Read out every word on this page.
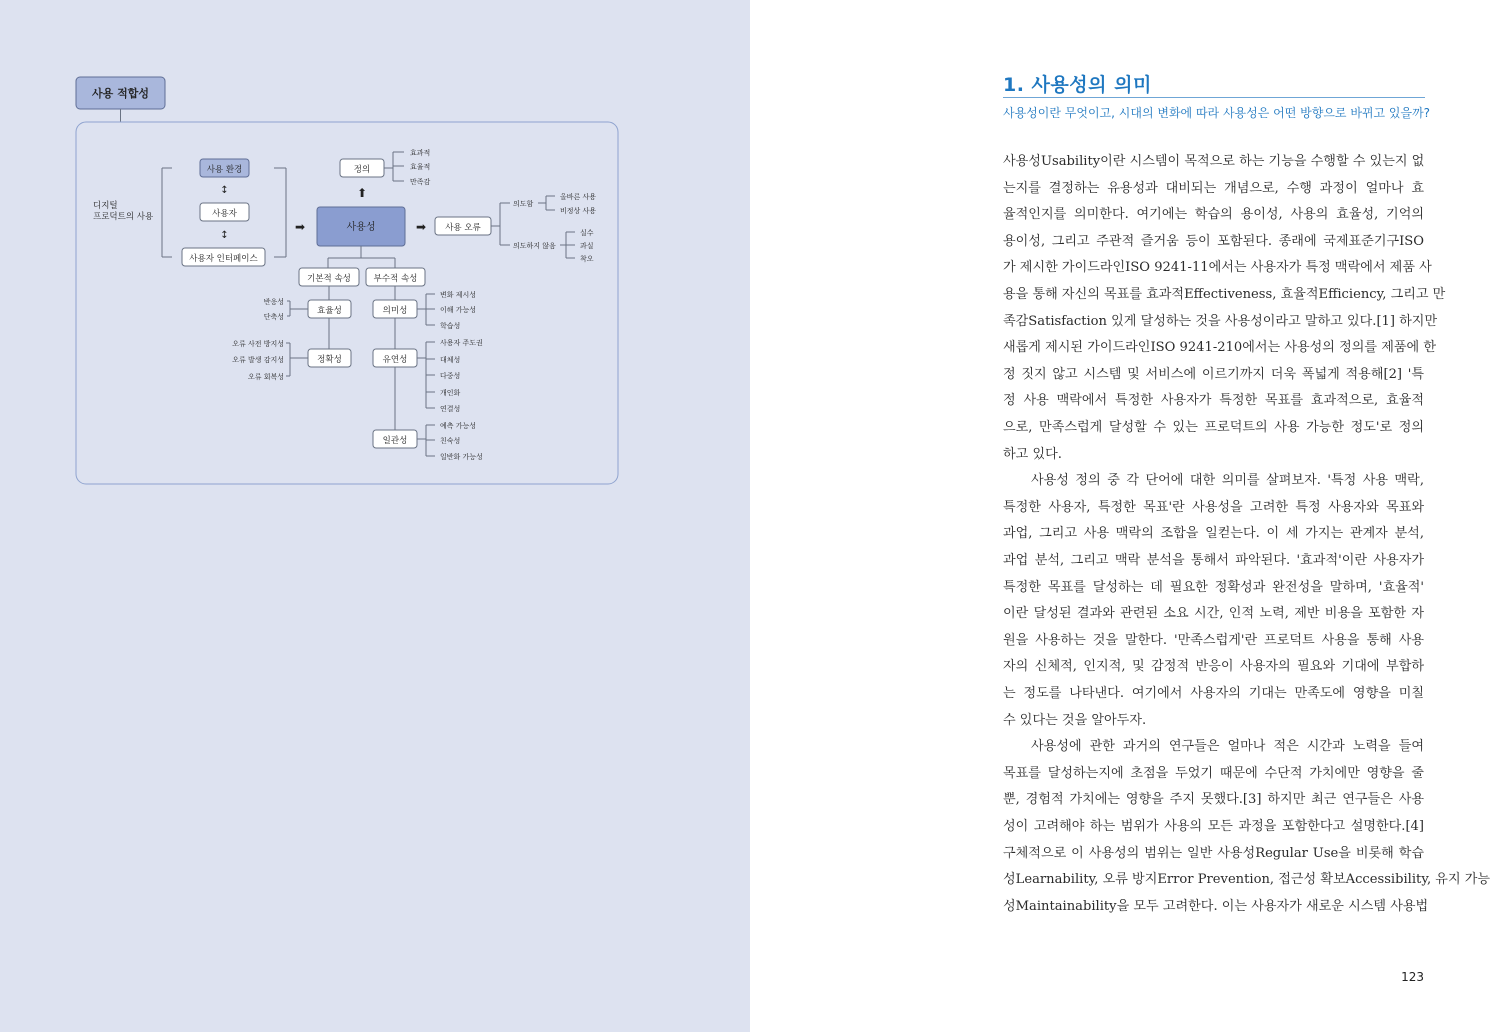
사용 적합성
디지털
프로덕트의 사용
사용 환경
↕
사용자
↕
사용자 인터페이스
➡	사용성
⬆
정의
효과적
효율적
만족감
➡ 사용 오류
의도함
의도하지 않음
올바른 사용
비정상 사용
실수
과실
착오
기본적 속성	부수적 속성
효율성
정확성
반응성
단축성
오류 사전 방지성
오류 발생 감지성
오류 회복성
의미성
유연성
일관성
변화 제시성
이해 가능성
학습성
사용자 주도권
대체성
다중성
개인화
연결성
예측 가능성
친숙성
일반화 가능성
1. 사용성의 의미
사용성이란 무엇이고, 시대의 변화에 따라 사용성은 어떤 방향으로 바뀌고 있을까?
사용성Usability이란 시스템이 목적으로 하는 기능을 수행할 수 있는지 없
는지를 결정하는 유용성과 대비되는 개념으로, 수행 과정이 얼마나 효
율적인지를 의미한다. 여기에는 학습의 용이성, 사용의 효율성, 기억의
용이성, 그리고 주관적 즐거움 등이 포함된다. 종래에 국제표준기구ISO
가 제시한 가이드라인ISO 9241-11에서는 사용자가 특정 맥락에서 제품 사
용을 통해 자신의 목표를 효과적Effectiveness, 효율적Efficiency, 그리고 만
족감Satisfaction 있게 달성하는 것을 사용성이라고 말하고 있다.[1] 하지만
새롭게 제시된 가이드라인ISO 9241-210에서는 사용성의 정의를 제품에 한
정 짓지 않고 시스템 및 서비스에 이르기까지 더욱 폭넓게 적용해[2] '특
정 사용 맥락에서 특정한 사용자가 특정한 목표를 효과적으로, 효율적
으로, 만족스럽게 달성할 수 있는 프로덕트의 사용 가능한 정도'로 정의
하고 있다.
사용성 정의 중 각 단어에 대한 의미를 살펴보자. '특정 사용 맥락,
특정한 사용자, 특정한 목표'란 사용성을 고려한 특정 사용자와 목표와
과업, 그리고 사용 맥락의 조합을 일컫는다. 이 세 가지는 관계자 분석,
과업 분석, 그리고 맥락 분석을 통해서 파악된다. '효과적'이란 사용자가
특정한 목표를 달성하는 데 필요한 정확성과 완전성을 말하며, '효율적'
이란 달성된 결과와 관련된 소요 시간, 인적 노력, 제반 비용을 포함한 자
원을 사용하는 것을 말한다. '만족스럽게'란 프로덕트 사용을 통해 사용
자의 신체적, 인지적, 및 감정적 반응이 사용자의 필요와 기대에 부합하
는 정도를 나타낸다. 여기에서 사용자의 기대는 만족도에 영향을 미칠
수 있다는 것을 알아두자.
사용성에 관한 과거의 연구들은 얼마나 적은 시간과 노력을 들여
목표를 달성하는지에 초점을 두었기 때문에 수단적 가치에만 영향을 줄
뿐, 경험적 가치에는 영향을 주지 못했다.[3] 하지만 최근 연구들은 사용
성이 고려해야 하는 범위가 사용의 모든 과정을 포함한다고 설명한다.[4]
구체적으로 이 사용성의 범위는 일반 사용성Regular Use을 비롯해 학습
성Learnability, 오류 방지Error Prevention, 접근성 확보Accessibility, 유지 가능
성Maintainability을 모두 고려한다. 이는 사용자가 새로운 시스템 사용법
123
